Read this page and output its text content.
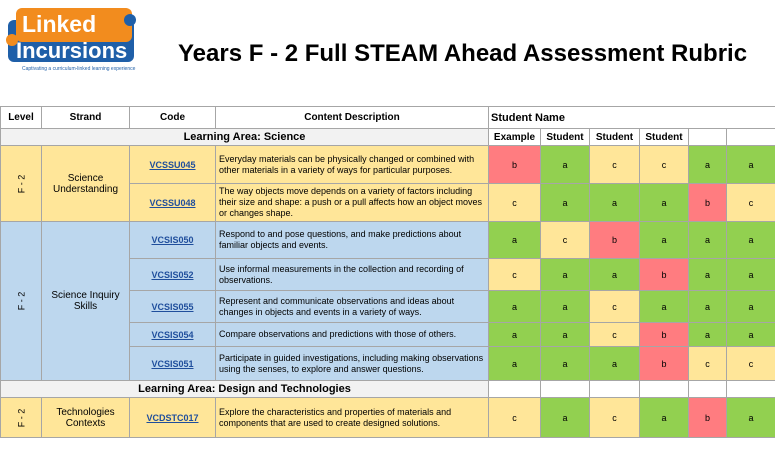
Linked
Incursions
Captivating a curriculum-linked learning experience
Years F - 2 Full STEAM Ahead Assessment Rubric
Level	Strand	Code	Content Description	Student Name					
Learning Area: Science				Example	Student	Student	Student		
F - 2	Science Understanding	VCSSU045	Everyday materials can be physically changed or combined with other materials in a variety of ways for particular purposes.	b	a	c	c	a	a
		VCSSU048	The way objects move depends on a variety of factors including their size and shape: a push or a pull affects how an object moves or changes shape.	c	a	a	a	b	c
F - 2	Science Inquiry Skills	VCSIS050	Respond to and pose questions, and make predictions about familiar objects and events.	a	c	b	a	a	a
		VCSIS052	Use informal measurements in the collection and recording of observations.	c	a	a	b	a	a
		VCSIS055	Represent and communicate observations and ideas about changes in objects and events in a variety of ways.	a	a	c	a	a	a
		VCSIS054	Compare observations and predictions with those of others.	a	a	c	b	a	a
		VCSIS051	Participate in guided investigations, including making observations using the senses, to explore and answer questions.	a	a	a	b	c	c
Learning Area: Design and Technologies									
F - 2	Technologies Contexts	VCDSTC017	Explore the characteristics and properties of materials and components that are used to create designed solutions.	c	a	c	a	b	a
